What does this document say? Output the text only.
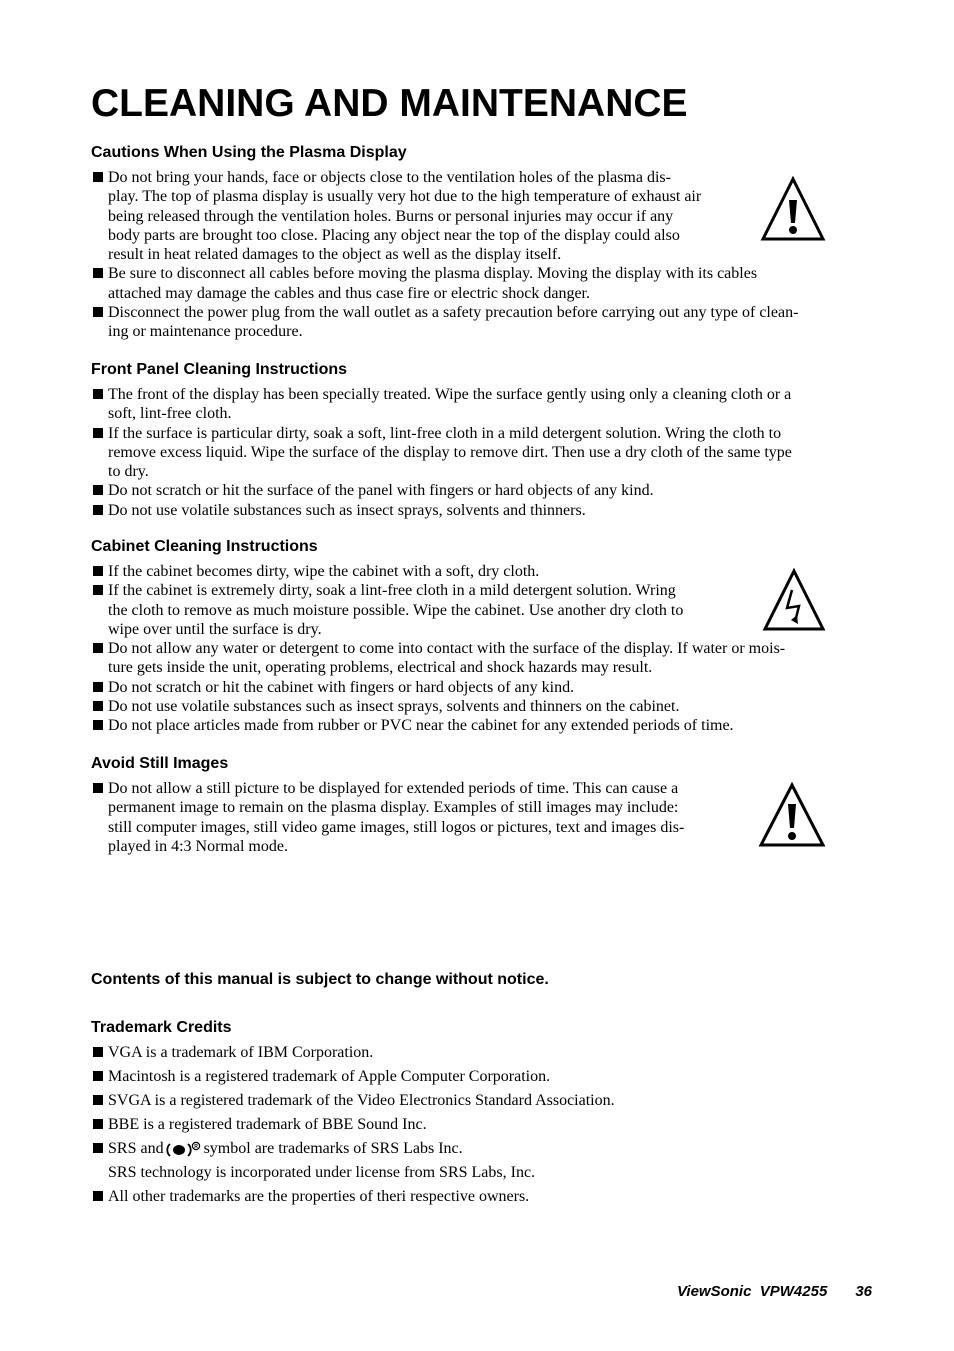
CLEANING AND MAINTENANCE
Cautions When Using the Plasma Display
Do not bring your hands, face or objects close to the ventilation holes of the plasma dis-
play. The top of plasma display is usually very hot due to the high temperature of exhaust air
being released through the ventilation holes. Burns or personal injuries may occur if any
body parts are brought too close. Placing any object near the top of the display could also
result in heat related damages to the object as well as the display itself.
Be sure to disconnect all cables before moving the plasma display. Moving the display with its cables
attached may damage the cables and thus case fire or electric shock danger.
Disconnect the power plug from the wall outlet as a safety precaution before carrying out any type of clean-
ing or maintenance procedure.
Front Panel Cleaning Instructions
The front of the display has been specially treated. Wipe the surface gently using only a cleaning cloth or a
soft, lint-free cloth.
If the surface is particular dirty, soak a soft, lint-free cloth in a mild detergent solution. Wring the cloth to
remove excess liquid. Wipe the surface of the display to remove dirt. Then use a dry cloth of the same type
to dry.
Do not scratch or hit the surface of the panel with fingers or hard objects of any kind.
Do not use volatile substances such as insect sprays, solvents and thinners.
Cabinet Cleaning Instructions
If the cabinet becomes dirty, wipe the cabinet with a soft, dry cloth.
If the cabinet is extremely dirty, soak a lint-free cloth in a mild detergent solution. Wring
the cloth to remove as much moisture possible. Wipe the cabinet. Use another dry cloth to
wipe over until the surface is dry.
Do not allow any water or detergent to come into contact with the surface of the display. If water or mois-
ture gets inside the unit, operating problems, electrical and shock hazards may result.
Do not scratch or hit the cabinet with fingers or hard objects of any kind.
Do not use volatile substances such as insect sprays, solvents and thinners on the cabinet.
Do not place articles made from rubber or PVC near the cabinet for any extended periods of time.
Avoid Still Images
Do not allow a still picture to be displayed for extended periods of time. This can cause a
permanent image to remain on the plasma display. Examples of still images may include:
still computer images, still video game images, still logos or pictures, text and images dis-
played in 4:3 Normal mode.
Contents of this manual is subject to change without notice.
Trademark Credits
VGA is a trademark of IBM Corporation.
Macintosh is a registered trademark of Apple Computer Corporation.
SVGA is a registered trademark of the Video Electronics Standard Association.
BBE is a registered trademark of BBE Sound Inc.
SRS and	R symbol are trademarks of SRS Labs Inc.
SRS technology is incorporated under license from SRS Labs, Inc.
All other trademarks are the properties of theri respective owners.
ViewSonic  VPW4255 36
